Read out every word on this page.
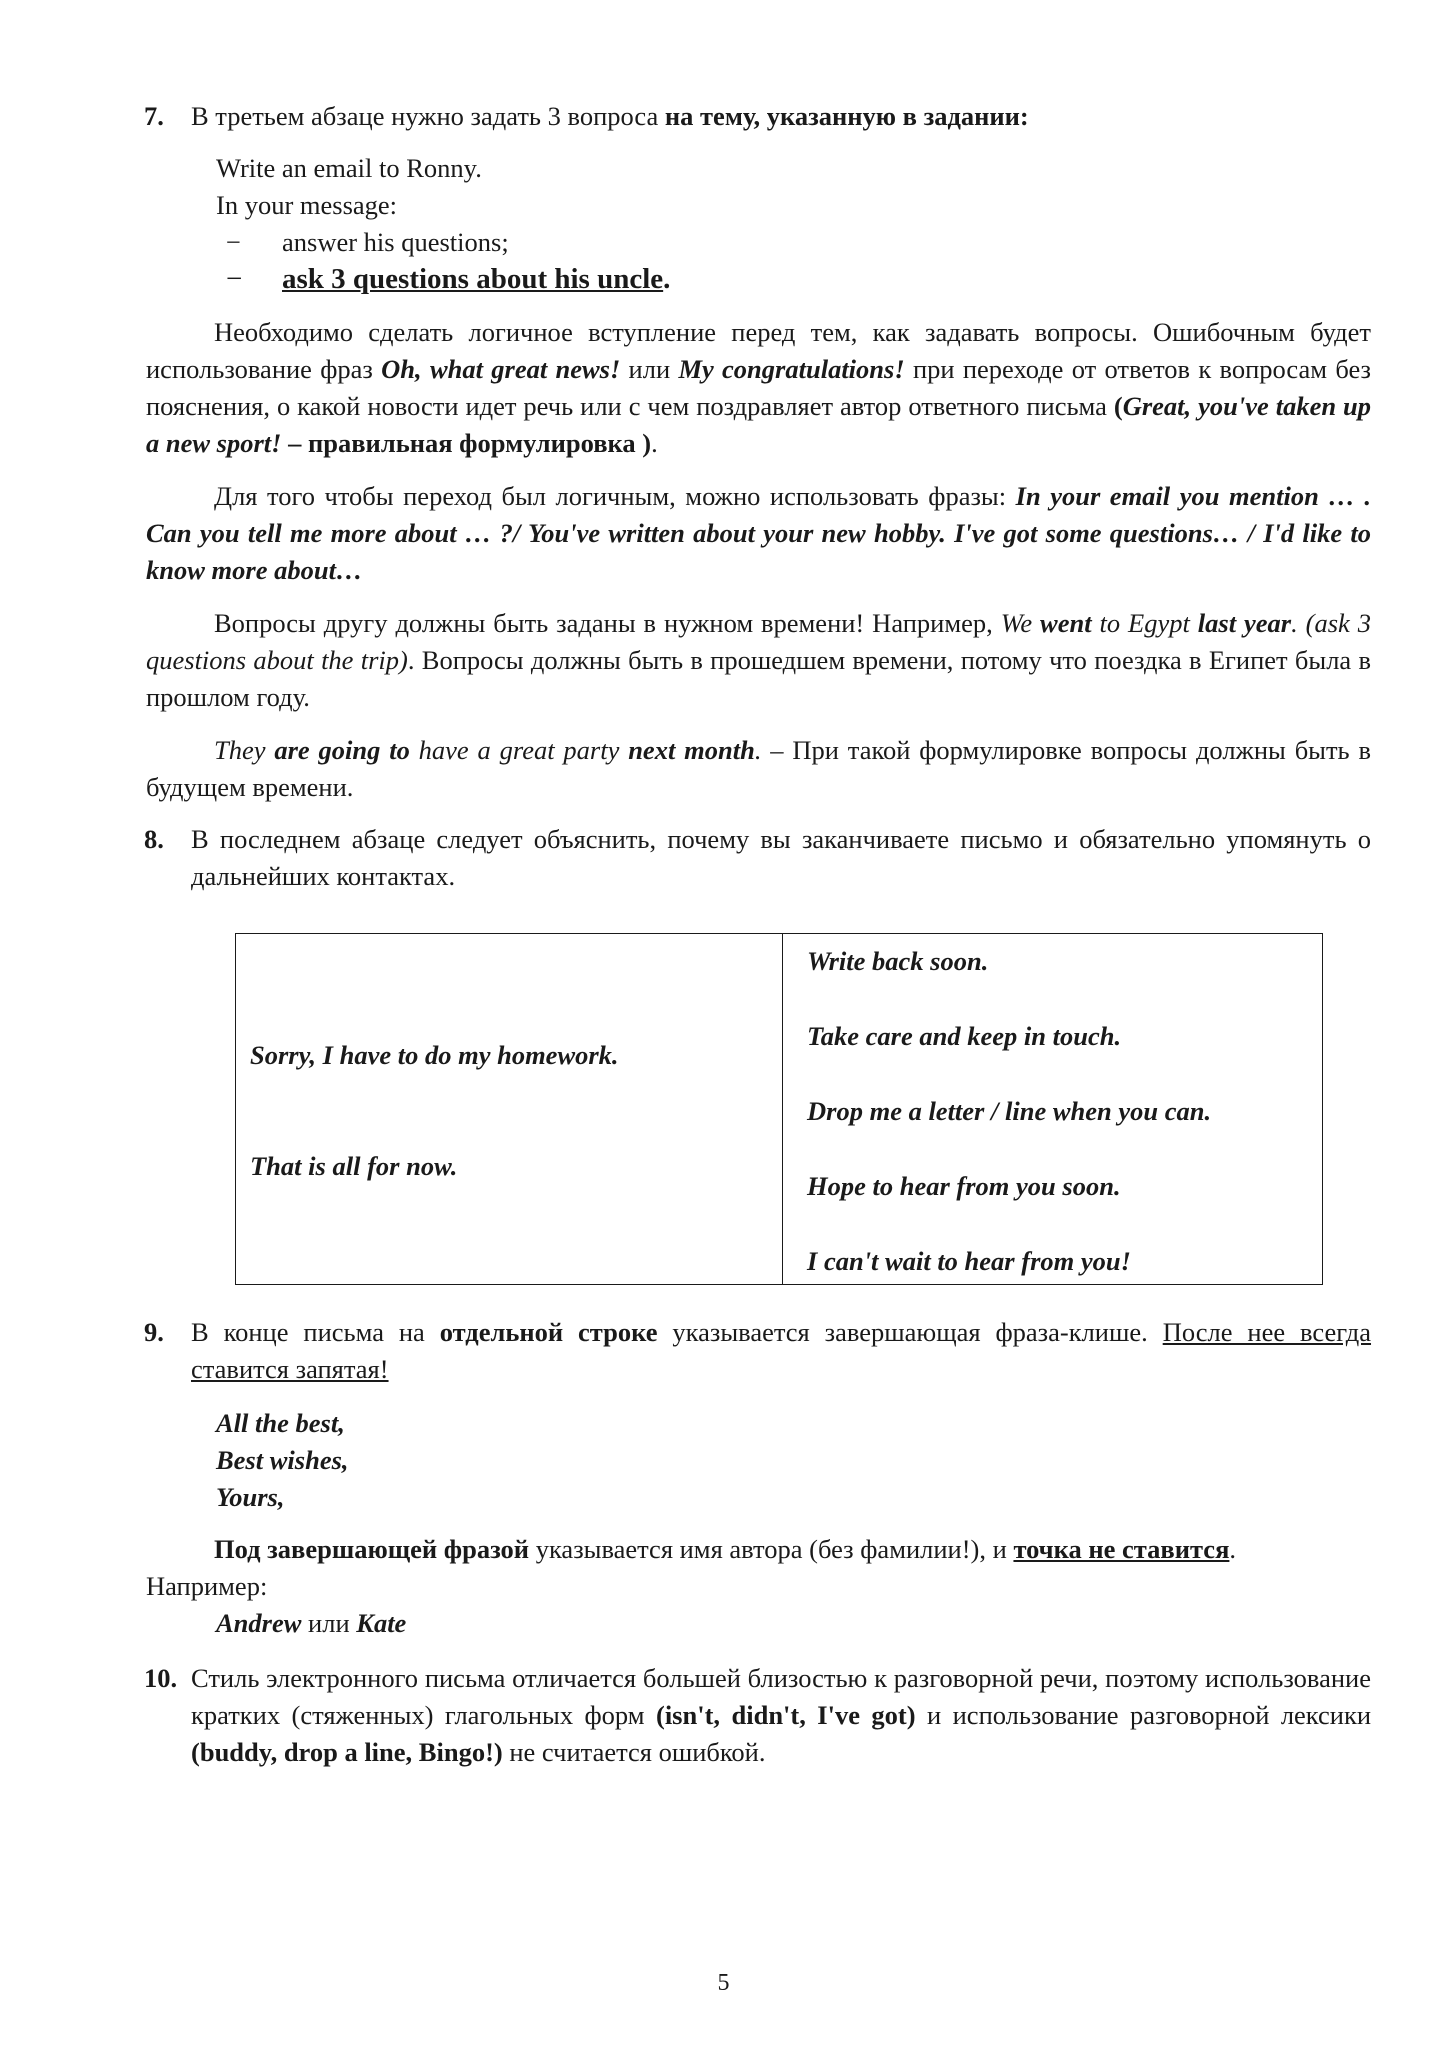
7. В третьем абзаце нужно задать 3 вопроса на тему, указанную в задании:
Write an email to Ronny.
In your message:
− answer his questions;
− ask 3 questions about his uncle.
Необходимо сделать логичное вступление перед тем, как задавать вопросы. Ошибочным будет использование фраз Oh, what great news! или My congratulations! при переходе от ответов к вопросам без пояснения, о какой новости идет речь или с чем поздравляет автор ответного письма (Great, you've taken up a new sport! – правильная формулировка ).
Для того чтобы переход был логичным, можно использовать фразы: In your email you mention … . Can you tell me more about … ?/ You've written about your new hobby. I've got some questions… / I'd like to know more about…
Вопросы другу должны быть заданы в нужном времени! Например, We went to Egypt last year. (ask 3 questions about the trip). Вопросы должны быть в прошедшем времени, потому что поездка в Египет была в прошлом году.
They are going to have a great party next month. – При такой формулировке вопросы должны быть в будущем времени.
8. В последнем абзаце следует объяснить, почему вы заканчиваете письмо и обязательно упомянуть о дальнейших контактах.
Sorry, I have to do my homework.
That is all for now.

Write back soon.
Take care and keep in touch.
Drop me a letter / line when you can.
Hope to hear from you soon.
I can't wait to hear from you!
9. В конце письма на отдельной строке указывается завершающая фраза-клише. После нее всегда ставится запятая!
All the best,
Best wishes,
Yours,
Под завершающей фразой указывается имя автора (без фамилии!), и точка не ставится.
Например:
Andrew или Kate
10. Стиль электронного письма отличается большей близостью к разговорной речи, поэтому использование кратких (стяженных) глагольных форм (isn't, didn't, I've got) и использование разговорной лексики (buddy, drop a line, Bingo!) не считается ошибкой.
5
